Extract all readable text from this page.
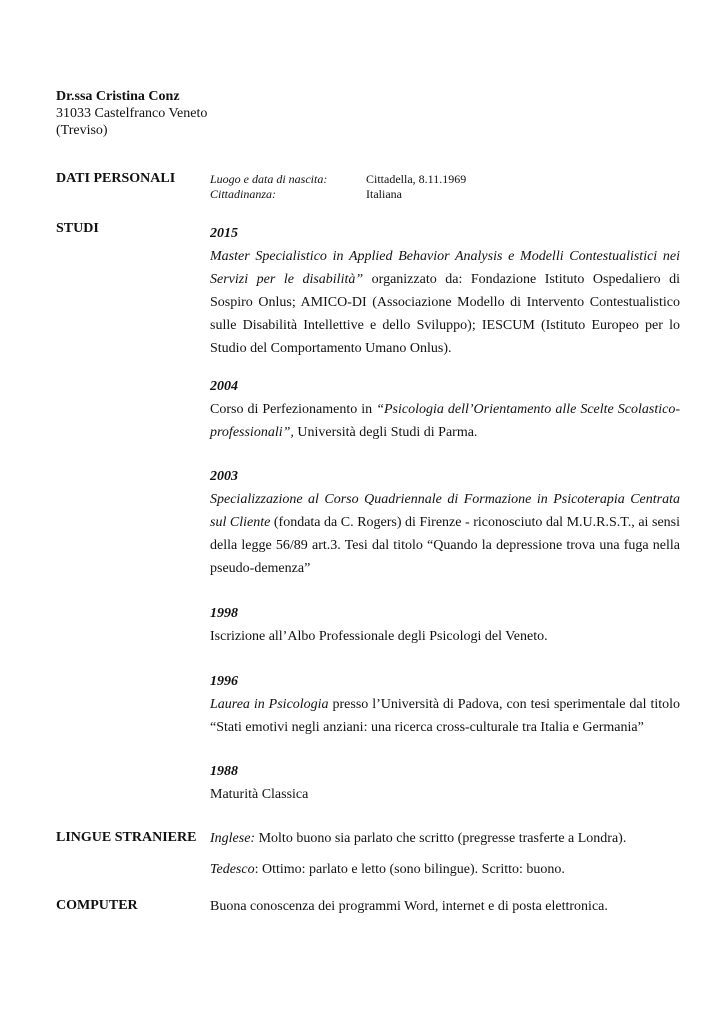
Dr.ssa Cristina Conz
31033 Castelfranco Veneto
(Treviso)
DATI PERSONALI	Luogo e data di nascita:	Cittadella, 8.11.1969
Cittadinanza:	Italiana
STUDI	2015
Master Specialistico in Applied Behavior Analysis e Modelli Contestualistici nei Servizi per le disabilità” organizzato da: Fondazione Istituto Ospedaliero di Sospiro Onlus; AMICO-DI (Associazione Modello di Intervento Contestualistico sulle Disabilità Intellettive e dello Sviluppo); IESCUM (Istituto Europeo per lo Studio del Comportamento Umano Onlus).
2004
Corso di Perfezionamento in “Psicologia dell’Orientamento alle Scelte Scolastico-professionali”, Università degli Studi di Parma.
2003
Specializzazione al Corso Quadriennale di Formazione in Psicoterapia Centrata sul Cliente (fondata da C. Rogers) di Firenze - riconosciuto dal M.U.R.S.T., ai sensi della legge 56/89 art.3. Tesi dal titolo “Quando la depressione trova una fuga nella pseudo-demenza”
1998
Iscrizione all’Albo Professionale degli Psicologi del Veneto.
1996
Laurea in Psicologia presso l’Università di Padova, con tesi sperimentale dal titolo “Stati emotivi negli anziani: una ricerca cross-culturale tra Italia e Germania”
1988
Maturità Classica
LINGUE STRANIERE Inglese: Molto buono sia parlato che scritto (pregresse trasferte a Londra).
Tedesco: Ottimo: parlato e letto (sono bilingue). Scritto: buono.
COMPUTER	Buona conoscenza dei programmi Word, internet e di posta elettronica.
